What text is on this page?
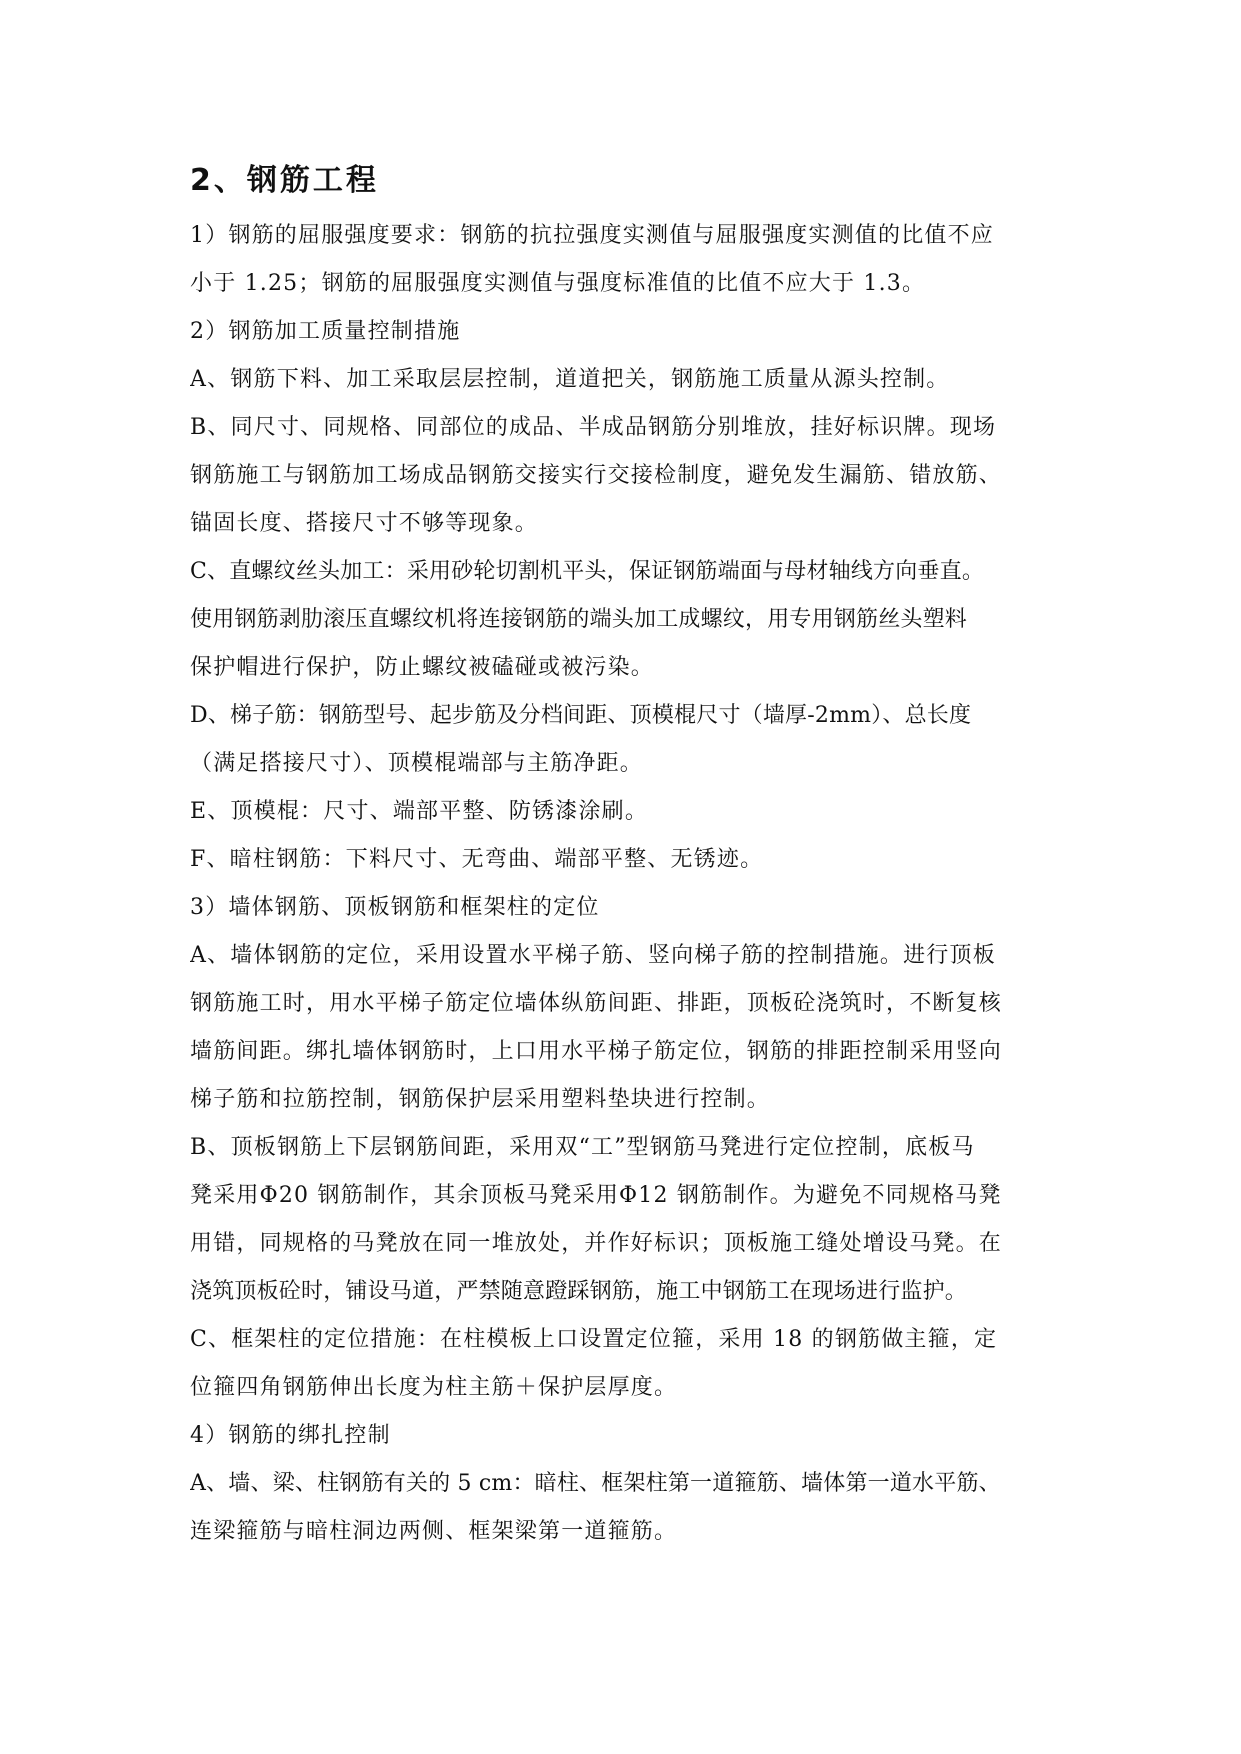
2、钢筋工程
1）钢筋的屈服强度要求：钢筋的抗拉强度实测值与屈服强度实测值的比值不应
小于 1.25；钢筋的屈服强度实测值与强度标准值的比值不应大于 1.3。
2）钢筋加工质量控制措施
A、钢筋下料、加工采取层层控制，道道把关，钢筋施工质量从源头控制。
B、同尺寸、同规格、同部位的成品、半成品钢筋分别堆放，挂好标识牌。现场
钢筋施工与钢筋加工场成品钢筋交接实行交接检制度，避免发生漏筋、错放筋、
锚固长度、搭接尺寸不够等现象。
C、直螺纹丝头加工：采用砂轮切割机平头，保证钢筋端面与母材轴线方向垂直。
使用钢筋剥肋滚压直螺纹机将连接钢筋的端头加工成螺纹，用专用钢筋丝头塑料
保护帽进行保护，防止螺纹被磕碰或被污染。
D、梯子筋：钢筋型号、起步筋及分档间距、顶模棍尺寸（墙厚-2mm）、总长度
（满足搭接尺寸）、顶模棍端部与主筋净距。
E、顶模棍：尺寸、端部平整、防锈漆涂刷。
F、暗柱钢筋：下料尺寸、无弯曲、端部平整、无锈迹。
3）墙体钢筋、顶板钢筋和框架柱的定位
A、墙体钢筋的定位，采用设置水平梯子筋、竖向梯子筋的控制措施。进行顶板
钢筋施工时，用水平梯子筋定位墙体纵筋间距、排距，顶板砼浇筑时，不断复核
墙筋间距。绑扎墙体钢筋时，上口用水平梯子筋定位，钢筋的排距控制采用竖向
梯子筋和拉筋控制，钢筋保护层采用塑料垫块进行控制。
B、顶板钢筋上下层钢筋间距，采用双“工”型钢筋马凳进行定位控制，底板马
凳采用Φ20 钢筋制作，其余顶板马凳采用Φ12 钢筋制作。为避免不同规格马凳
用错，同规格的马凳放在同一堆放处，并作好标识；顶板施工缝处增设马凳。在
浇筑顶板砼时，铺设马道，严禁随意蹬踩钢筋，施工中钢筋工在现场进行监护。
C、框架柱的定位措施：在柱模板上口设置定位箍，采用 18 的钢筋做主箍，定
位箍四角钢筋伸出长度为柱主筋＋保护层厚度。
4）钢筋的绑扎控制
A、墙、梁、柱钢筋有关的 5 cm：暗柱、框架柱第一道箍筋、墙体第一道水平筋、
连梁箍筋与暗柱洞边两侧、框架梁第一道箍筋。
